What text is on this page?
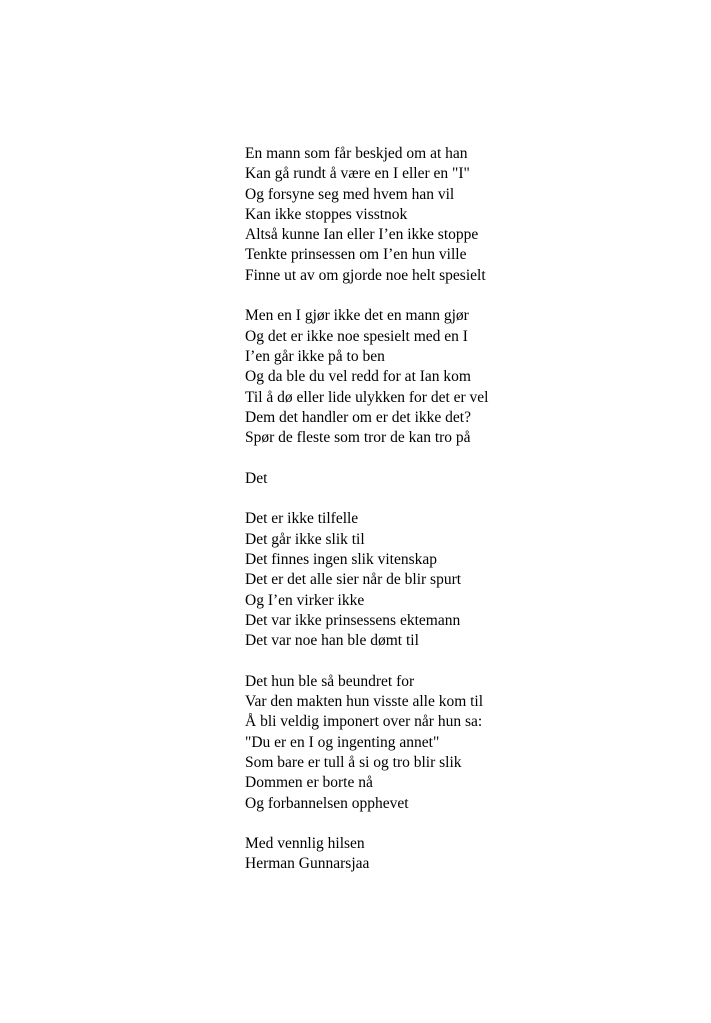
En mann som får beskjed om at han
Kan gå rundt å være en I eller en "I"
Og forsyne seg med hvem han vil
Kan ikke stoppes visstnok
Altså kunne Ian eller I’en ikke stoppe
Tenkte prinsessen om I’en hun ville
Finne ut av om gjorde noe helt spesielt
Men en I gjør ikke det en mann gjør
Og det er ikke noe spesielt med en I
I’en går ikke på to ben
Og da ble du vel redd for at Ian kom
Til å dø eller lide ulykken for det er vel
Dem det handler om er det ikke det?
Spør de fleste som tror de kan tro på
Det
Det er ikke tilfelle
Det går ikke slik til
Det finnes ingen slik vitenskap
Det er det alle sier når de blir spurt
Og I’en virker ikke
Det var ikke prinsessens ektemann
Det var noe han ble dømt til
Det hun ble så beundret for
Var den makten hun visste alle kom til
Å bli veldig imponert over når hun sa:
"Du er en I og ingenting annet"
Som bare er tull å si og tro blir slik
Dommen er borte nå
Og forbannelsen opphevet
Med vennlig hilsen
Herman Gunnarsjaa
